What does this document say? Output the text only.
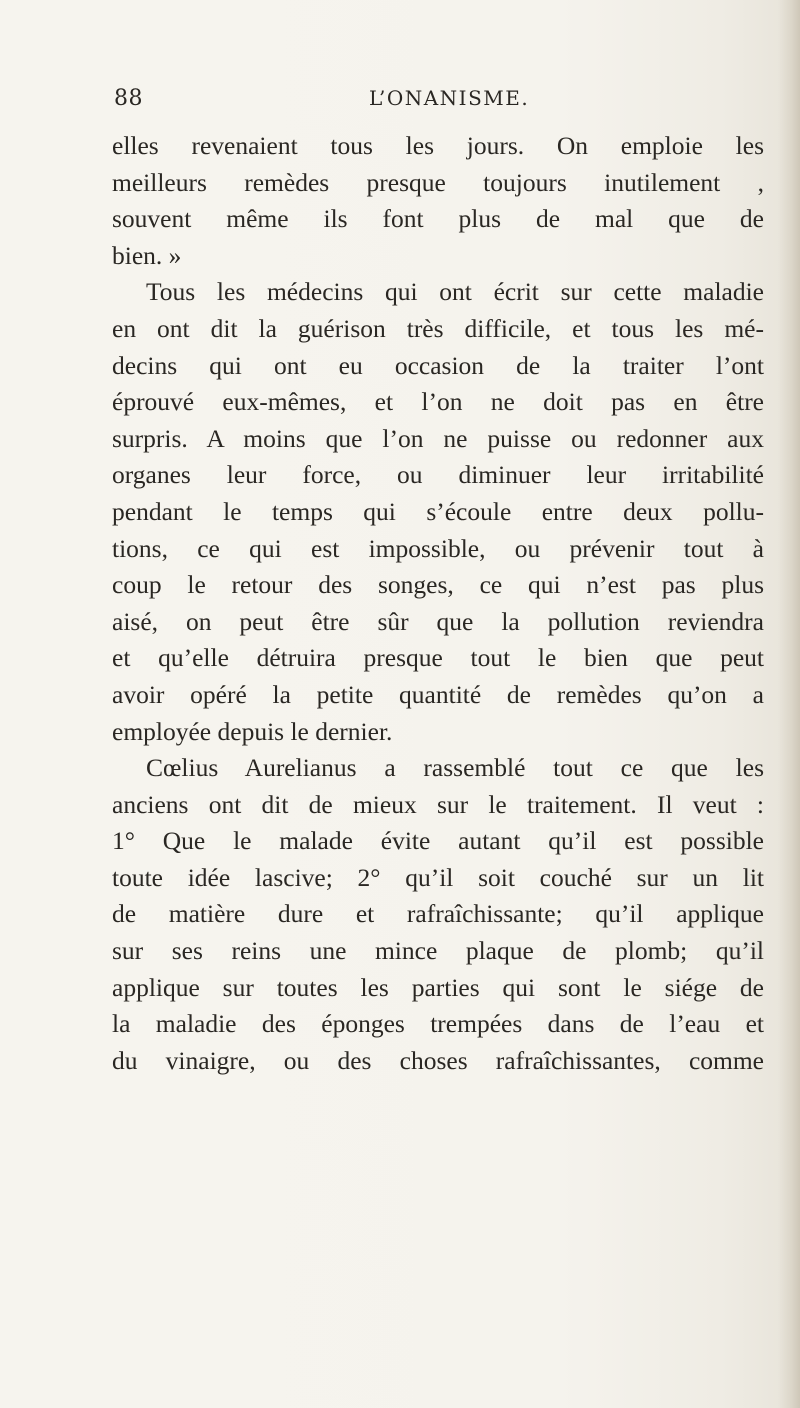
88	L’ONANISME.
elles revenaient tous les jours. On emploie les
meilleurs remèdes presque toujours inutilement ,
souvent même ils font plus de mal que de
bien. »
Tous les médecins qui ont écrit sur cette maladie
en ont dit la guérison très difficile, et tous les mé-
decins qui ont eu occasion de la traiter l’ont
éprouvé eux-mêmes, et l’on ne doit pas en être
surpris. A moins que l’on ne puisse ou redonner aux
organes leur force, ou diminuer leur irritabilité
pendant le temps qui s’écoule entre deux pollu-
tions, ce qui est impossible, ou prévenir tout à
coup le retour des songes, ce qui n’est pas plus
aisé, on peut être sûr que la pollution reviendra
et qu’elle détruira presque tout le bien que peut
avoir opéré la petite quantité de remèdes qu’on a
employée depuis le dernier.
Cœlius Aurelianus a rassemblé tout ce que les
anciens ont dit de mieux sur le traitement. Il veut :
1° Que le malade évite autant qu’il est possible
toute idée lascive; 2° qu’il soit couché sur un lit
de matière dure et rafraîchissante; qu’il applique
sur ses reins une mince plaque de plomb; qu’il
applique sur toutes les parties qui sont le siége de
la maladie des éponges trempées dans de l’eau et
du vinaigre, ou des choses rafraîchissantes, comme
